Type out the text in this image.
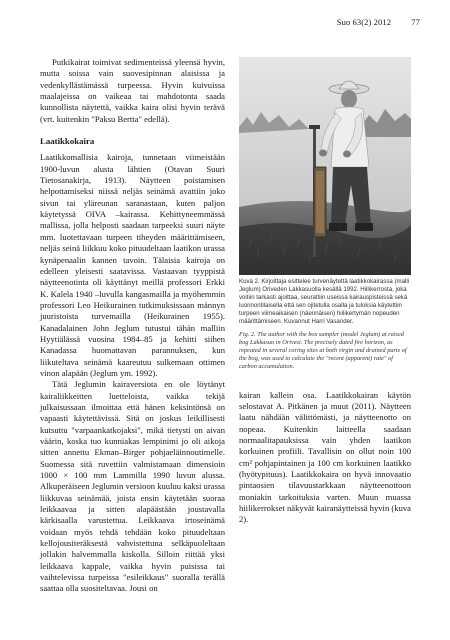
Suo 63(2) 2012 77

Putkikairat toimivat sedimenteissä yleensä hyvin, mutta soissa vain suovesipinnan alaisissa ja vedenkyllästämässä turpeessa. Hyvin kuivuissa maalajeissa on vaikeaa tai mahdotonta saada kunnollista näytettä, vaikka kaira olisi hyvin terävä (vrt. kuitenkin "Paksu Bertta" edellä).

Laatikkokaira

Laatikkomallisia kairoja, tunnetaan viimeistään 1900-luvun alusta lähtien (Otavan Suuri Tietosanakirja, 1913). Näytteen poistamisen helpottamiseksi niissä neljäs seinämä avattiin joko sivun tai yläreunan saranastaan, kuten paljon käytetyssä OIVA –kairassa. Kehittyneemmässä mallissa, jolla helposti saadaan tarpeeksi suuri näyte mm. luotettavaan turpeen tiheyden määrittämiseen, neljäs seinä liikkuu koko pituudeltaan laatikon urassa kynäpenaalin kannen tavoin. Tälaisia kairoja on edelleen yleisesti saatavissa. Vastaavan tyyppistä näytteenotinta oli käyttänyt meillä professori Erkki K. Kalela 1940 –luvulla kangasmailla ja myöhemmin professori Leo Heikurainen tutkimuksissaan männyn juuristoista turvemailla (Heikurainen 1955). Kanadalainen John Jeglum tutustui tähän malliin Hyytiälässä vuosina 1984–85 ja kehitti siihen Kanadassa huomattavan parannuksen, kun liikuteltava seinämä kaareutuu sulkemaan ottimen vinon alapään (Jeglum ym. 1992).

Tätä Jeglumin kairaversiota en ole löytänyt kairaliikkeitten luetteloista, vaikka tekijä julkaisussaan ilmoittaa että hänen keksintönsä on vapaasti käytettävissä. Sitä on joskus leikillisesti kutsuttu "varpaankatkojaksi", mikä tietysti on aivan väärin, koska tuo kunniakas lempinimi jo oli aikoja sitten annettu Ekman–Birger pohjaeläinnoutimelle. Suomessa sitä ruvettiin valmistamaan dimensioin 1000 × 100 mm Lammilla 1990 luvun alussa. Alkuperäiseen Jeglumin versioon kuuluu kaksi urassa liikkuvaa seinämää, joista ensin käytetään suoraa leikkaavaa ja sitten alapäästään joustavalla kärkisaalla varustettua. Leikkaava irtoseinämä voidaan myös tehdä tehdään koko pituudeltaan kellojousiteräksestä vahvistettuna selkäpuoleltaan jollakin halvemmalla kiskolla. Silloin riittää yksi leikkaava kappale, vaikka hyvin puisissa tai vaihtelevissa turpeissa "esileikkaus" suoralla terällä saattaa olla suositeltavaa. Jousi on

Kuva 2. Kirjoittaja esittelee turvenäytettä laatikkokairassa (malli Jeglum) Oriveden Lakkasuolla kesällä 1992. Hiilikerrosta, joka voitiin tarkasti ajoittaa, seurattiin useissa kairauspisteissä sekä luonnontilaisella että sen ojitetulla osalla ja tuloksia käytettiin turpeen viimeaikaisen (näennäisen) hiilikertymän nopeuden määrittämiseen. Kuvannut Harri Vasander.
Fig. 2. The author with the box sampler (model Jeglum) at raised bog Lakkasuo in Orivesi. The precisely dated fire horizon, as repeated in several coring sites at both virgin and drained parts of the bog, was used to calculate the "recent (apparent) rate" of carbon accumulation.

kairan kallein osa. Laatikkokairan käytön selostavat A. Pitkänen ja muut (2011). Näytteen laatu nähdään välittömästi, ja näytteenotto on nopeaa. Kuitenkin laitteella saadaan normaalitapauksissa vain yhden laatikon korkuinen profiili. Tavallisin on ollut noin 100 cm² pohjapintainen ja 100 cm korkuinen laatikko (hyötypituus). Laatikkokaira on hyvä innovaatio pintaosien tilavuustarkkaan näytteenottoon moniakin tarkoituksia varten. Muun muassa hiilikerrokset näkyvät kairanäytteissä hyvin (kuva 2).
